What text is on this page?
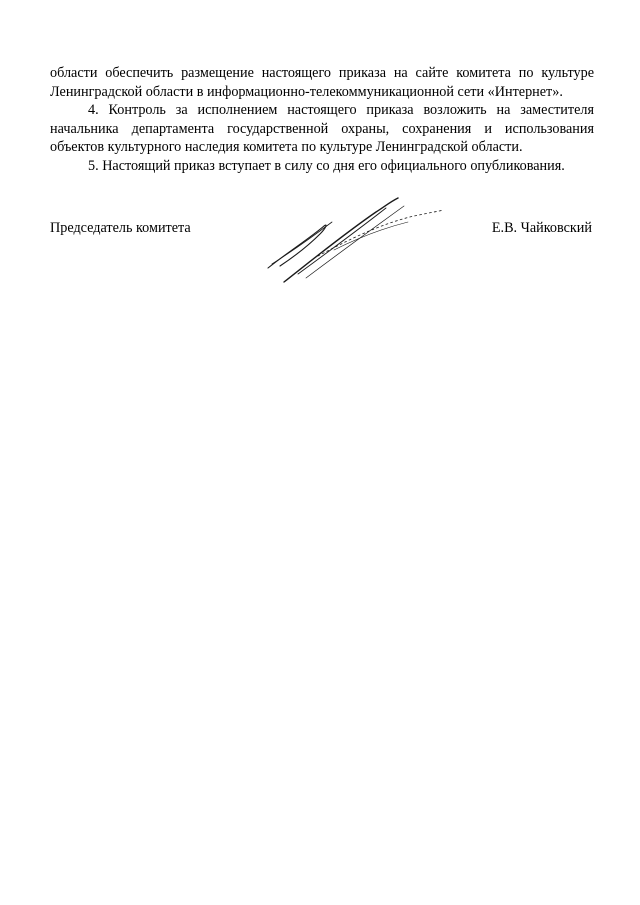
области обеспечить размещение настоящего приказа на сайте комитета по культуре Ленинградской области в информационно-телекоммуникационной сети «Интернет».

4. Контроль за исполнением настоящего приказа возложить на заместителя начальника департамента государственной охраны, сохранения и использования объектов культурного наследия комитета по культуре Ленинградской области.

5. Настоящий приказ вступает в силу со дня его официального опубликования.

Председатель комитета	Е.В. Чайковский
